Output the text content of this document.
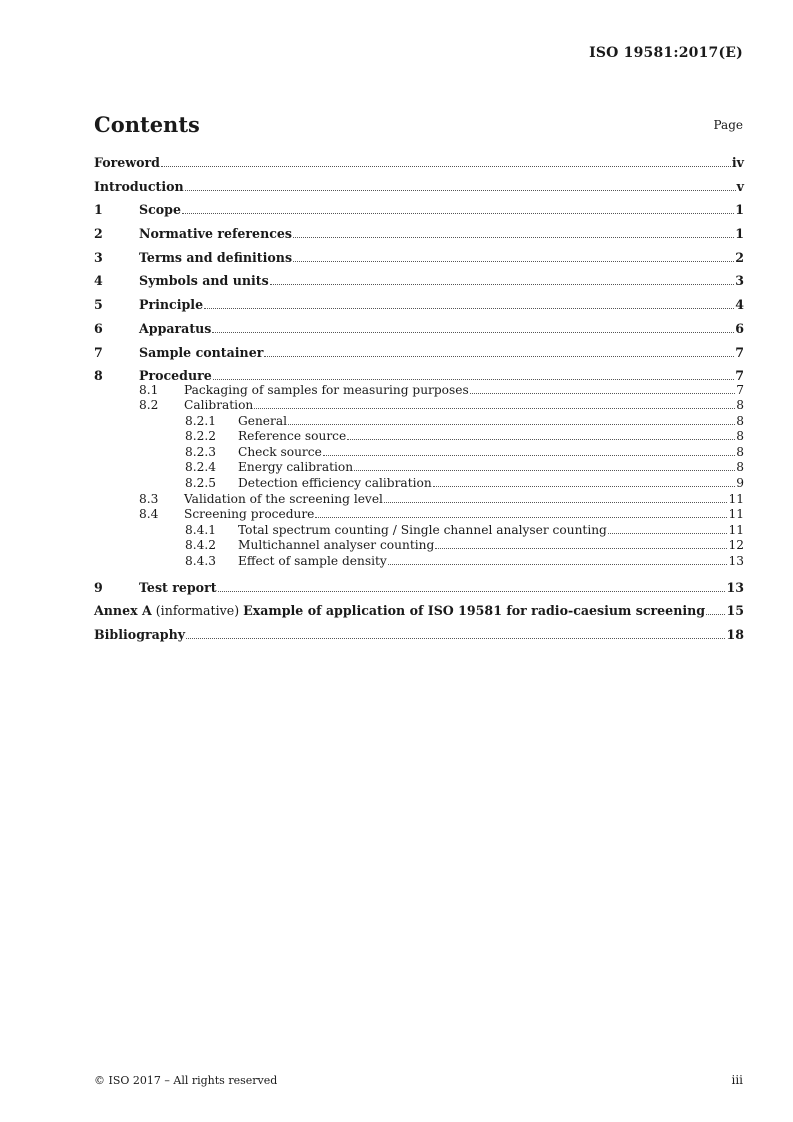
ISO 19581:2017(E)
Contents	Page
Foreword	iv
Introduction	v
1	Scope	1
2	Normative references	1
3	Terms and definitions	2
4	Symbols and units	3
5	Principle	4
6	Apparatus	6
7	Sample container	7
8	Procedure	7
8.1	Packaging of samples for measuring purposes	7
8.2	Calibration	8
8.2.1	General	8
8.2.2	Reference source	8
8.2.3	Check source	8
8.2.4	Energy calibration	8
8.2.5	Detection efficiency calibration	9
8.3	Validation of the screening level	11
8.4	Screening procedure	11
8.4.1	Total spectrum counting / Single channel analyser counting	11
8.4.2	Multichannel analyser counting	12
8.4.3	Effect of sample density	13
9	Test report	13
Annex A (informative) Example of application of ISO 19581 for radio-caesium screening 15
Bibliography	18
© ISO 2017 – All rights reserved	iii
